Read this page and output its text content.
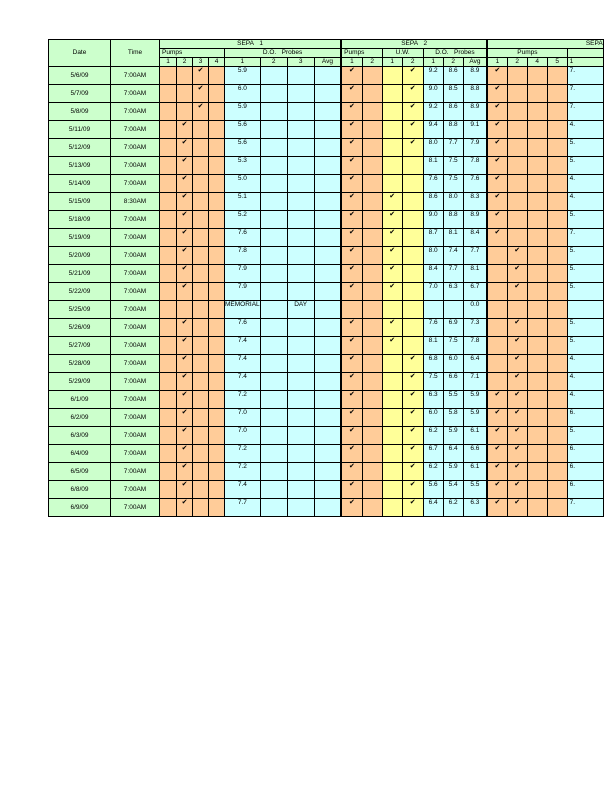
Date	Time	SEPA 1								SEPA 2							SEPA				
		Pumps				D.O. Probes				Pumps		U.W.		D.O. Probes			Pumps				
		1	2	3	4	1	2	3	Avg	1	2	1	2	1	2	Avg	1	2	4	5	1
5/6/09	7:00AM			✔		5.9				✔			✔	9.2	8.6	8.9	✔				7.

5/7/09	7:00AM			✔		6.0				✔			✔	9.0	8.5	8.8	✔				7.

5/8/09	7:00AM			✔		5.9				✔			✔	9.2	8.6	8.9	✔				7.

5/11/09	7:00AM		✔			5.6				✔			✔	9.4	8.8	9.1	✔				4.

5/12/09	7:00AM		✔			5.6				✔			✔	8.0	7.7	7.9	✔				5.

5/13/09	7:00AM		✔			5.3				✔				8.1	7.5	7.8	✔				5.

5/14/09	7:00AM		✔			5.0				✔				7.6	7.5	7.6	✔				4.

5/15/09	8:30AM		✔			5.1				✔		✔		8.6	8.0	8.3	✔				4.

5/18/09	7:00AM		✔			5.2				✔		✔		9.0	8.8	8.9	✔				5.

5/19/09	7:00AM		✔			7.6				✔		✔		8.7	8.1	8.4	✔				7.

5/20/09	7:00AM		✔			7.8				✔		✔		8.0	7.4	7.7		✔			5.

5/21/09	7:00AM		✔			7.9				✔		✔		8.4	7.7	8.1		✔			5.

5/22/09	7:00AM		✔			7.9				✔		✔		7.0	6.3	6.7		✔			5.

5/25/09	7:00AM					MEMORIAL		DAY								0.0					

5/26/09	7:00AM		✔			7.6				✔		✔		7.6	6.9	7.3		✔			5.

5/27/09	7:00AM		✔			7.4				✔		✔		8.1	7.5	7.8		✔			5.

5/28/09	7:00AM		✔			7.4				✔			✔	6.8	6.0	6.4		✔			4.

5/29/09	7:00AM		✔			7.4				✔			✔	7.5	6.6	7.1		✔			4.

6/1/09	7:00AM		✔			7.2				✔			✔	6.3	5.5	5.9	✔	✔			4.

6/2/09	7:00AM		✔			7.0				✔			✔	6.0	5.8	5.9	✔	✔			6.

6/3/09	7:00AM		✔			7.0				✔			✔	6.2	5.9	6.1	✔	✔			5.

6/4/09	7:00AM		✔			7.2				✔			✔	6.7	6.4	6.6	✔	✔			6.

6/5/09	7:00AM		✔			7.2				✔			✔	6.2	5.9	6.1	✔	✔			6.

6/8/09	7:00AM		✔			7.4				✔			✔	5.6	5.4	5.5	✔	✔			6.

6/9/09	7:00AM		✔			7.7				✔			✔	6.4	6.2	6.3	✔	✔			7.
